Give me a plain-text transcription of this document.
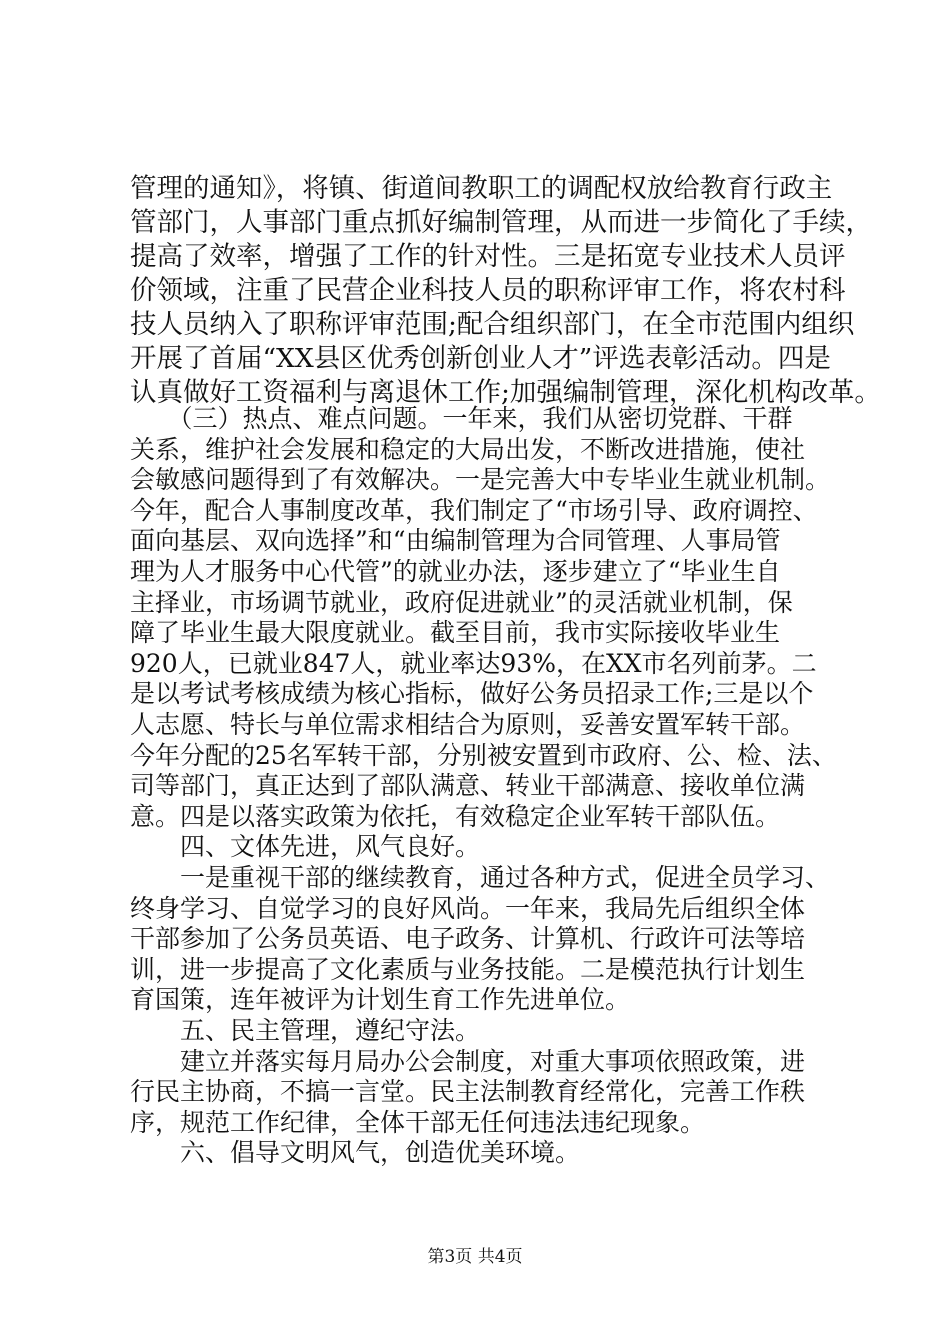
管理的通知》，将镇、街道间教职工的调配权放给教育行政主
管部门，人事部门重点抓好编制管理，从而进一步简化了手续，
提高了效率，增强了工作的针对性。三是拓宽专业技术人员评
价领域，注重了民营企业科技人员的职称评审工作，将农村科
技人员纳入了职称评审范围;配合组织部门，在全市范围内组织
开展了首届“XX县区优秀创新创业人才”评选表彰活动。四是
认真做好工资福利与离退休工作;加强编制管理，深化机构改革。
　　（三）热点、难点问题。一年来，我们从密切党群、干群
关系，维护社会发展和稳定的大局出发，不断改进措施，使社
会敏感问题得到了有效解决。一是完善大中专毕业生就业机制。
今年，配合人事制度改革，我们制定了“市场引导、政府调控、
面向基层、双向选择”和“由编制管理为合同管理、人事局管
理为人才服务中心代管”的就业办法，逐步建立了“毕业生自
主择业，市场调节就业，政府促进就业”的灵活就业机制，保
障了毕业生最大限度就业。截至目前，我市实际接收毕业生
920人，已就业847人，就业率达93%，在XX市名列前茅。二
是以考试考核成绩为核心指标，做好公务员招录工作;三是以个
人志愿、特长与单位需求相结合为原则，妥善安置军转干部。
今年分配的25名军转干部，分别被安置到市政府、公、检、法、
司等部门，真正达到了部队满意、转业干部满意、接收单位满
意。四是以落实政策为依托，有效稳定企业军转干部队伍。
　　四、文体先进，风气良好。
　　一是重视干部的继续教育，通过各种方式，促进全员学习、
终身学习、自觉学习的良好风尚。一年来，我局先后组织全体
干部参加了公务员英语、电子政务、计算机、行政许可法等培
训，进一步提高了文化素质与业务技能。二是模范执行计划生
育国策，连年被评为计划生育工作先进单位。
　　五、民主管理，遵纪守法。
　　建立并落实每月局办公会制度，对重大事项依照政策，进
行民主协商，不搞一言堂。民主法制教育经常化，完善工作秩
序，规范工作纪律，全体干部无任何违法违纪现象。
　　六、倡导文明风气，创造优美环境。
第3页 共4页
